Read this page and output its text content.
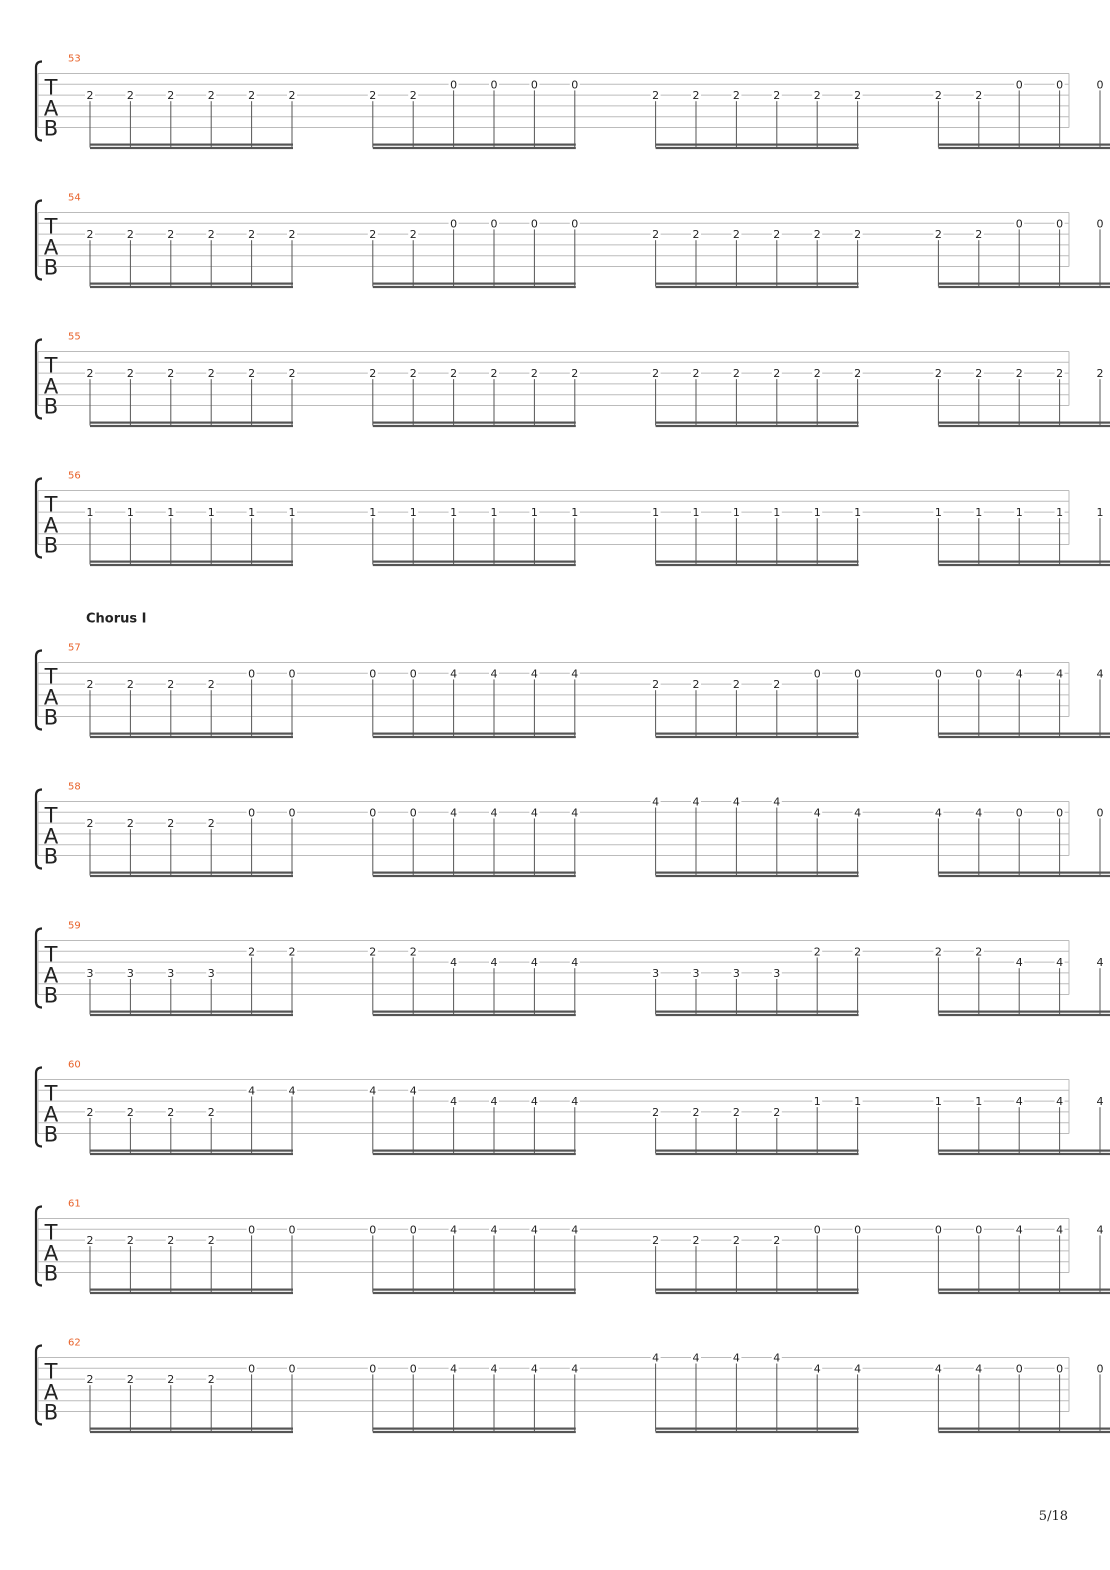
T
A
B
53
2	2	2	2	2	2	2	2
0	0	0	0
2	2	2	2	2	2	2	2
0	0	0
T
A
B
54
2	2	2	2	2	2	2	2
0	0	0	0
2	2	2	2	2	2	2	2
0	0	0
T
A
B
55
2	2	2	2	2	2	2	2	2	2	2	2	2	2	2	2	2	2	2	2	2	2	2
T
A
B
56
1	1	1	1	1	1	1	1	1	1	1	1	1	1	1	1	1	1	1	1	1	1	1
T
A
B
57
Chorus I
2	2	2	2
0	0	0	0	4	4	4	4
2	2	2	2
0	0	0	0	4	4	4
T
A
B
58
2	2	2	2
0	0	0	0	4	4	4	4
4	4	4	4
4	4	4	4	0	0	0
T
A
B
59
3	3	3	3
2	2	2	2
4	4	4	4
3	3	3	3
2	2	2	2
4	4	4
T
A
B
60
2	2	2	2
4	4	4	4
4	4	4	4
2	2	2	2
1	1	1	1	4	4	4
T
A
B
61
2	2	2	2
0	0	0	0	4	4	4	4
2	2	2	2
0	0	0	0	4	4	4
T
A
B
62
2	2	2	2
0	0	0	0	4	4	4	4
4	4	4	4
4	4	4	4	0	0	0
5/18
